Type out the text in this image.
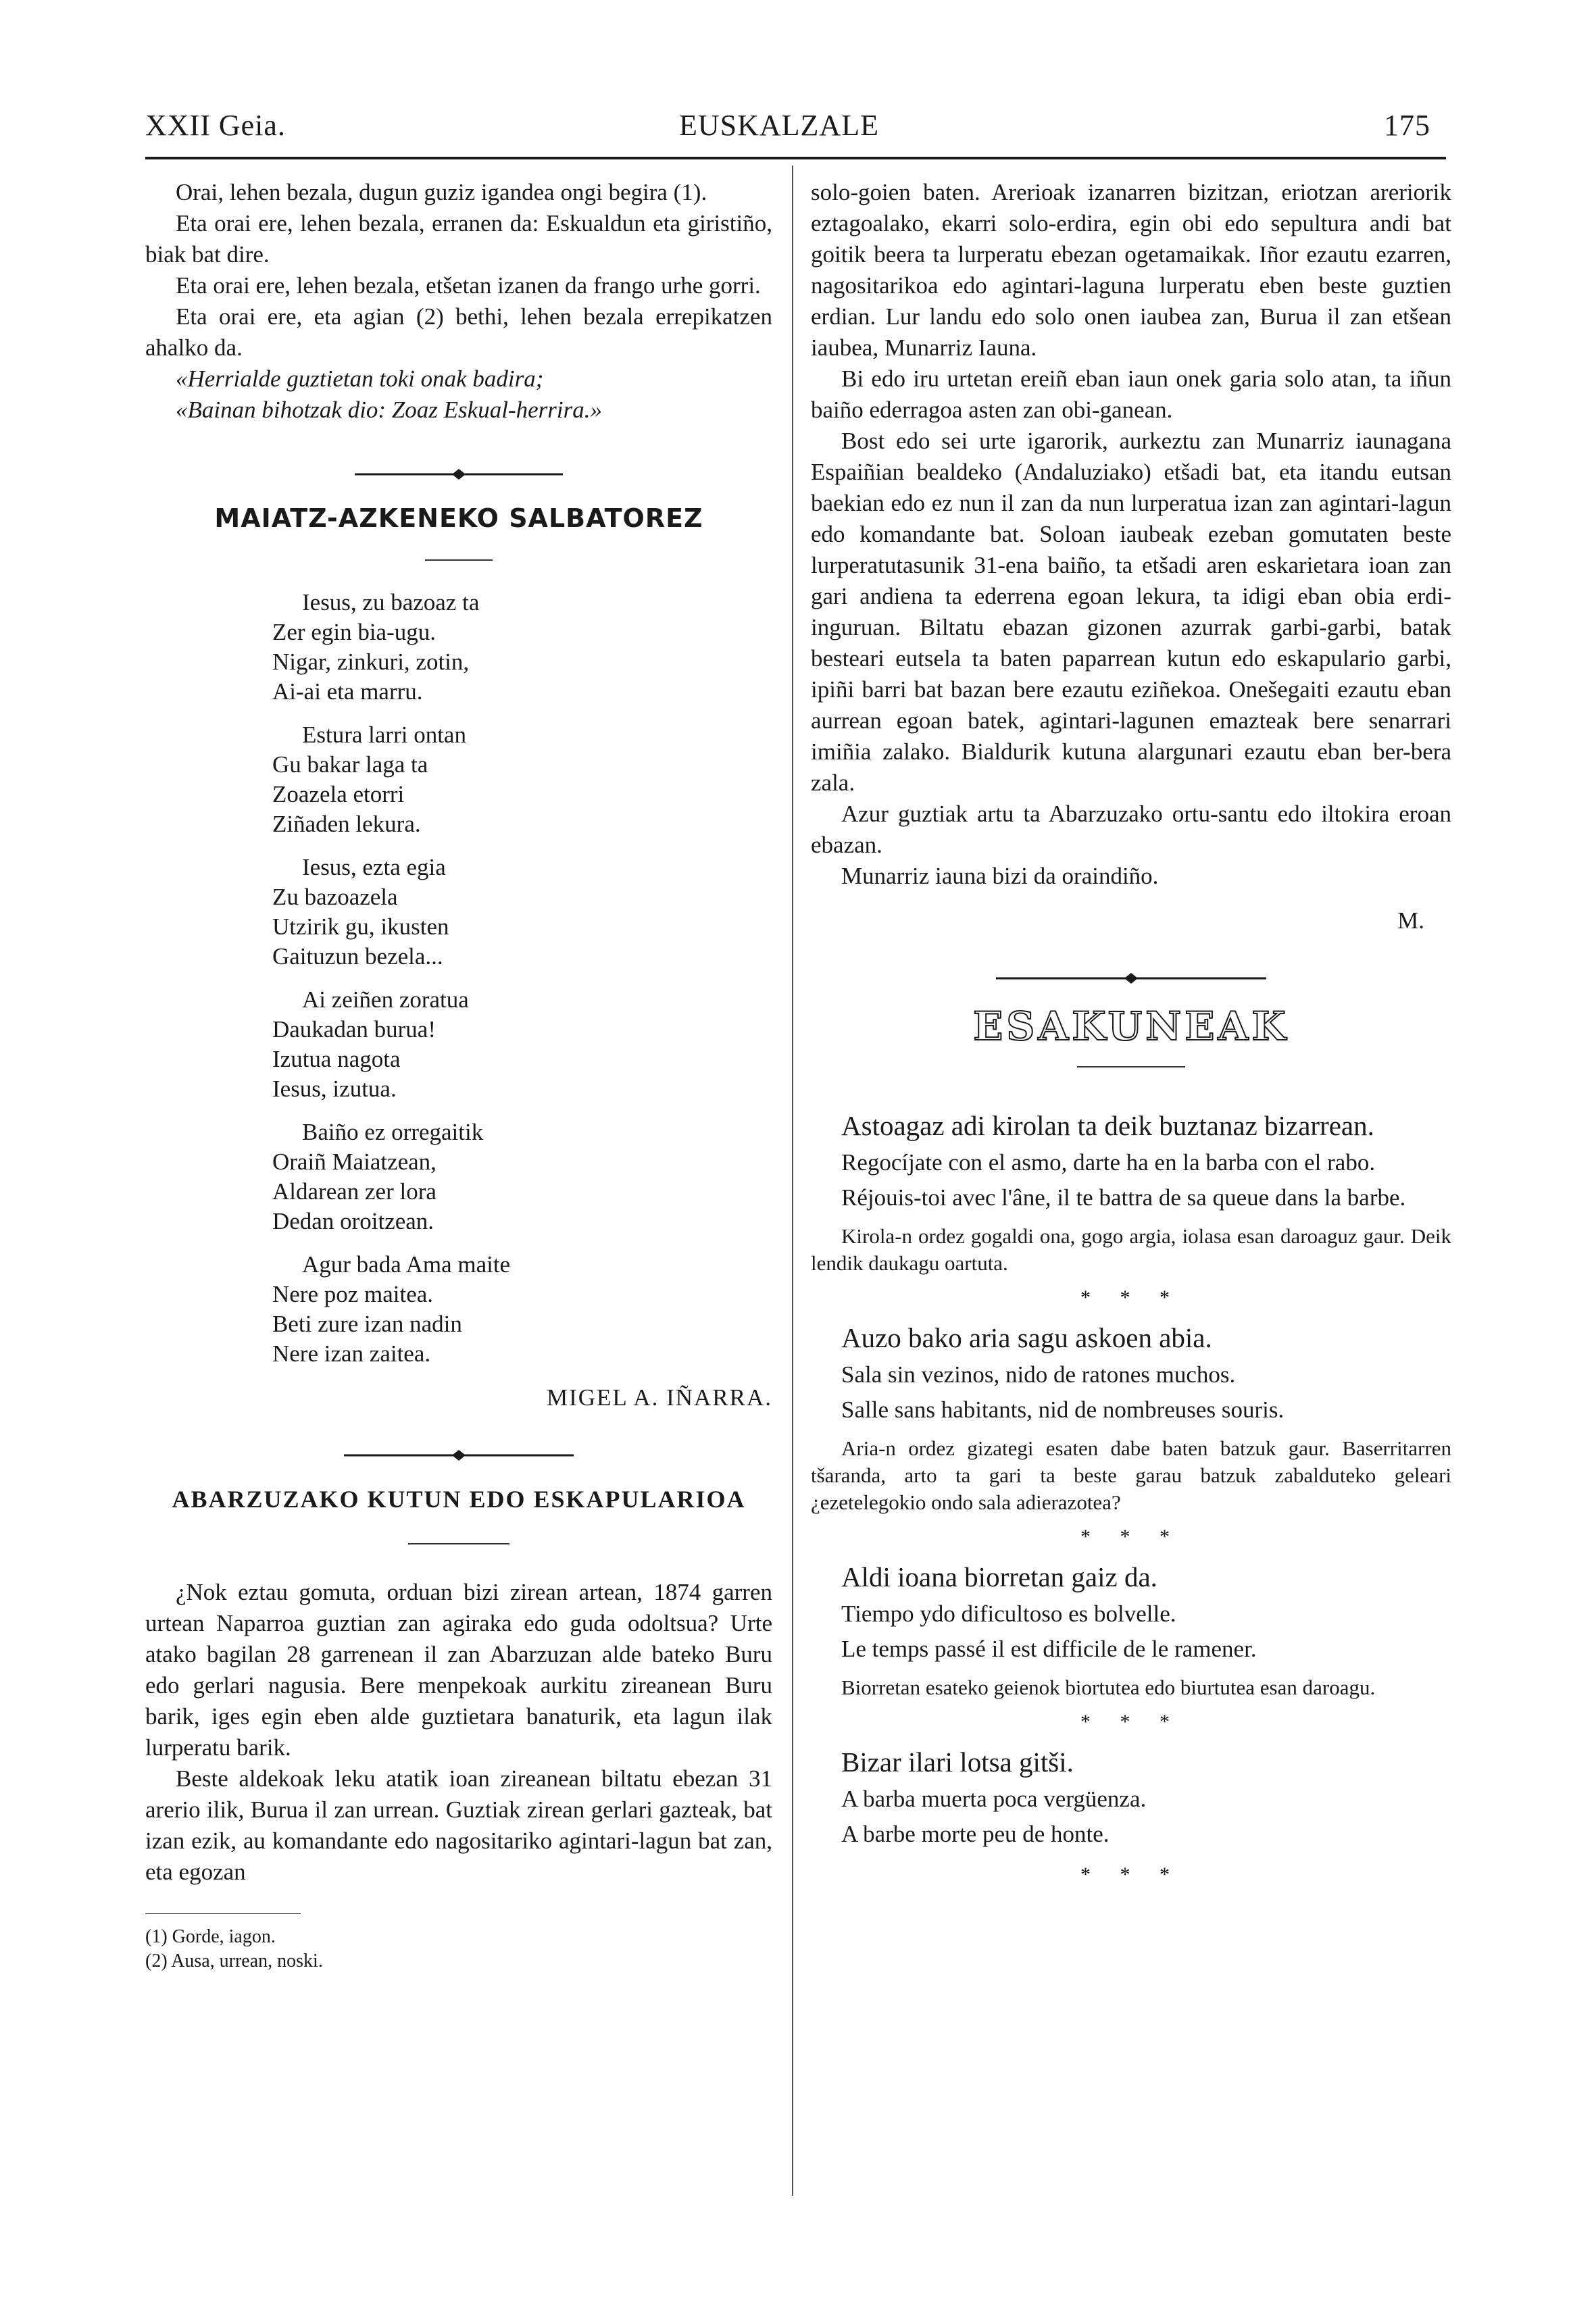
XXII Geia.	EUSKALZALE	175

Orai, lehen bezala, dugun guziz igandea ongi begira (1).

Eta orai ere, lehen bezala, erranen da: Eskualdun eta giristiño, biak bat dire.

Eta orai ere, lehen bezala, etšetan izanen da frango urhe gorri.

Eta orai ere, eta agian (2) bethi, lehen bezala errepikatzen ahalko da.

«Herrialde guztietan toki onak badira;

«Bainan bihotzak dio: Zoaz Eskual-herrira.»

MAIATZ-AZKENEKO SALBATOREZ
Iesus, zu bazoaz ta
Zer egin bia-ugu.
Nigar, zinkuri, zotin,
Ai-ai eta marru.
Estura larri ontan
Gu bakar laga ta
Zoazela etorri
Ziñaden lekura.
Iesus, ezta egia
Zu bazoazela
Utzirik gu, ikusten
Gaituzun bezela...
Ai zeiñen zoratua
Daukadan burua!
Izutua nagota
Iesus, izutua.
Baiño ez orregaitik
Oraiñ Maiatzean,
Aldarean zer lora
Dedan oroitzean.
Agur bada Ama maite
Nere poz maitea.
Beti zure izan nadin
Nere izan zaitea.
MIGEL A. IÑARRA.
ABARZUZAKO KUTUN EDO ESKAPULARIOA

¿Nok eztau gomuta, orduan bizi zirean artean, 1874 garren urtean Naparroa guztian zan agiraka edo guda odoltsua? Urte atako bagilan 28 garrenean il zan Abarzuzan alde bateko Buru edo gerlari nagusia. Bere menpekoak aurkitu zireanean Buru barik, iges egin eben alde guztietara banaturik, eta lagun ilak lurperatu barik.

Beste aldekoak leku atatik ioan zireanean biltatu ebezan 31 arerio ilik, Burua il zan urrean. Guztiak zirean gerlari gazteak, bat izan ezik, au komandante edo nagositariko agintari-lagun bat zan, eta egozan

(1) Gorde, iagon.
(2) Ausa, urrean, noski.

solo-goien baten. Arerioak izanarren bizitzan, eriotzan areriorik eztagoalako, ekarri solo-erdira, egin obi edo sepultura andi bat goitik beera ta lurperatu ebezan ogetamaikak. Iñor ezautu ezarren, nagositarikoa edo agintari-laguna lurperatu eben beste guztien erdian. Lur landu edo solo onen iaubea zan, Burua il zan etšean iaubea, Munarriz Iauna.

Bi edo iru urtetan ereiñ eban iaun onek garia solo atan, ta iñun baiño ederragoa asten zan obi-ganean.

Bost edo sei urte igarorik, aurkeztu zan Munarriz iaunagana Espaiñian bealdeko (Andaluziako) etšadi bat, eta itandu eutsan baekian edo ez nun il zan da nun lurperatua izan zan agintari-lagun edo komandante bat. Soloan iaubeak ezeban gomutaten beste lurperatutasunik 31-ena baiño, ta etšadi aren eskarietara ioan zan gari andiena ta ederrena egoan lekura, ta idigi eban obia erdi-inguruan. Biltatu ebazan gizonen azurrak garbi-garbi, batak besteari eutsela ta baten paparrean kutun edo eskapulario garbi, ipiñi barri bat bazan bere ezautu eziñekoa. Onešegaiti ezautu eban aurrean egoan batek, agintari-lagunen emazteak bere senarrari imiñia zalako. Bialdurik kutuna alargunari ezautu eban ber-bera zala.

Azur guztiak artu ta Abarzuzako ortu-santu edo iltokira eroan ebazan.

Munarriz iauna bizi da oraindiño.

M.
ESAKUNEAK

Astoagaz adi kirolan ta deik buztanaz bizarrean.

Regocíjate con el asmo, darte ha en la barba con el rabo.

Réjouis-toi avec l'âne, il te battra de sa queue dans la barbe.

Kirola-n ordez gogaldi ona, gogo argia, iolasa esan daroaguz gaur. Deik lendik daukagu oartuta.

* * *

Auzo bako aria sagu askoen abia.

Sala sin vezinos, nido de ratones muchos.

Salle sans habitants, nid de nombreuses souris.

Aria-n ordez gizategi esaten dabe baten batzuk gaur. Baserritarren tšaranda, arto ta gari ta beste garau batzuk zabalduteko geleari ¿ezetelegokio ondo sala adierazotea?

* * *

Aldi ioana biorretan gaiz da.

Tiempo ydo dificultoso es bolvelle.

Le temps passé il est difficile de le ramener.

Biorretan esateko geienok biortutea edo biurtutea esan daroagu.

* * *

Bizar ilari lotsa gitši.

A barba muerta poca vergüenza.

A barbe morte peu de honte.

* * *
